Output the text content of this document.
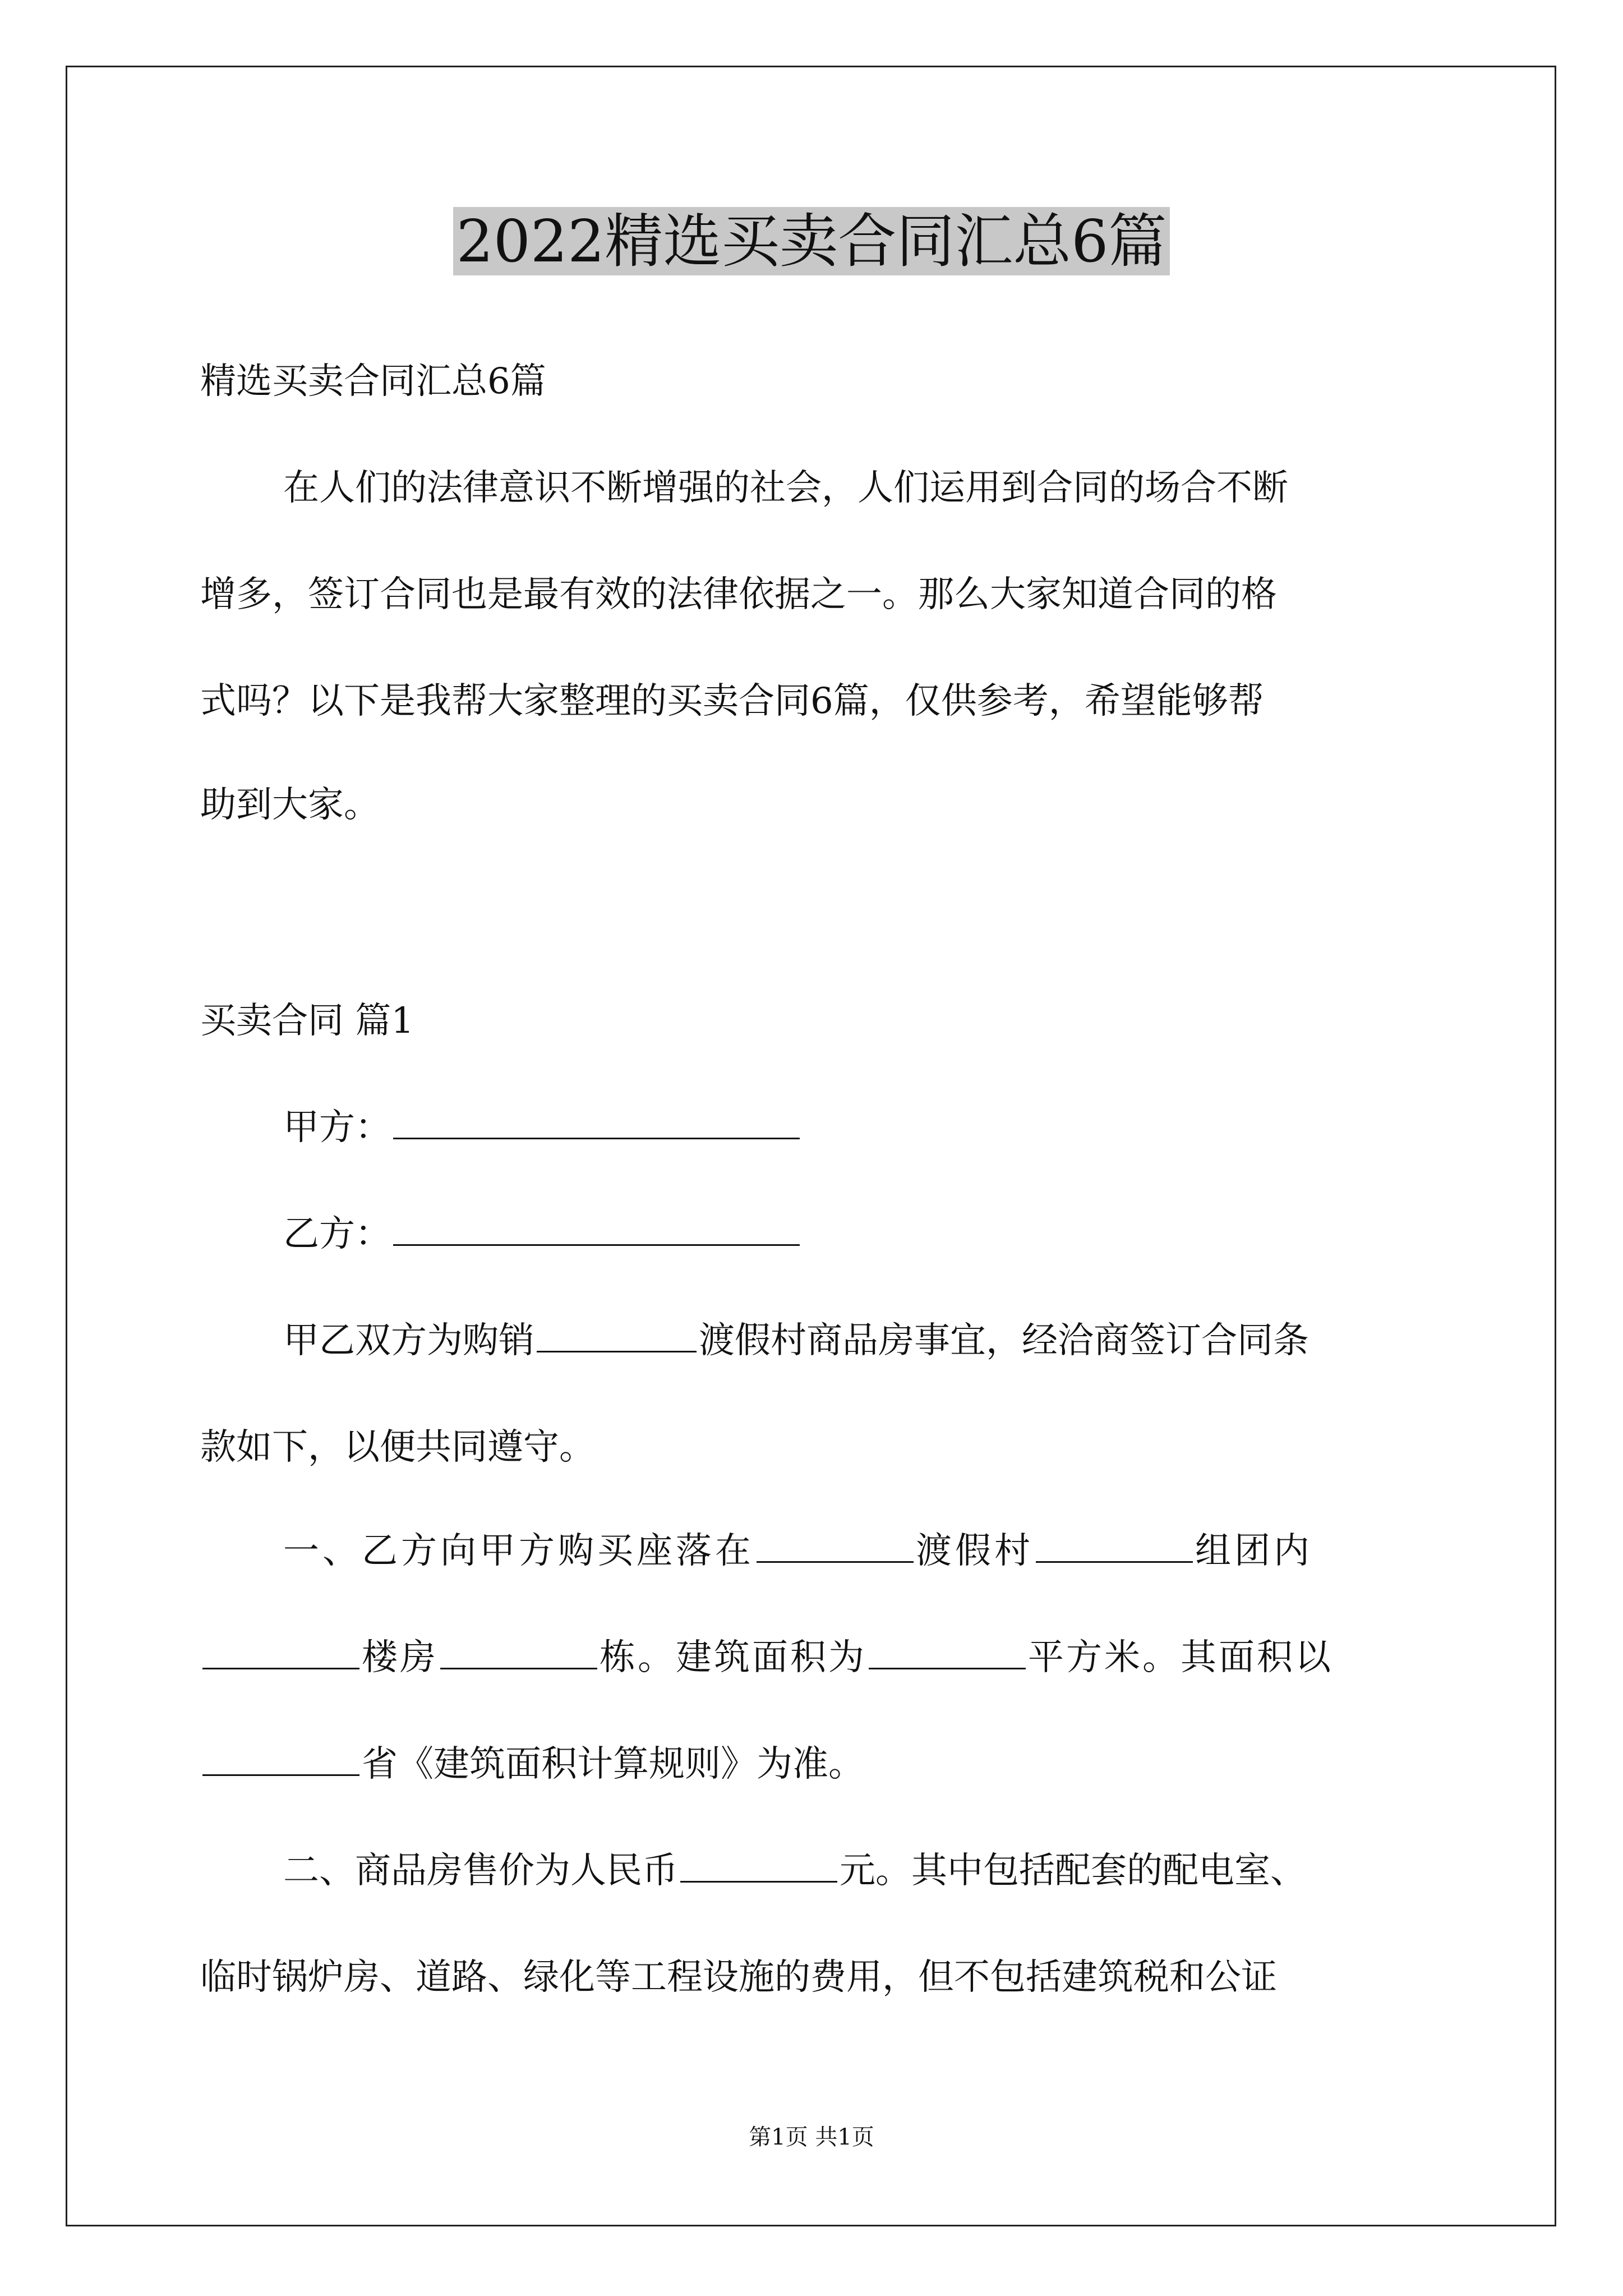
2022精选买卖合同汇总6篇
精选买卖合同汇总6篇
在人们的法律意识不断增强的社会，人们运用到合同的场合不断
增多，签订合同也是最有效的法律依据之一。那么大家知道合同的格
式吗？以下是我帮大家整理的买卖合同6篇，仅供参考，希望能够帮
助到大家。
买卖合同 篇1
甲方：
乙方：
甲乙双方为购销	渡假村商品房事宜，经洽商签订合同条
款如下，以便共同遵守。
一、乙方向甲方购买座落在	渡假村	组团内
楼房	栋。建筑面积为	平方米。其面积以
省《建筑面积计算规则》为准。
二、商品房售价为人民币	元。其中包括配套的配电室、
临时锅炉房、道路、绿化等工程设施的费用，但不包括建筑税和公证
第1页 共1页
